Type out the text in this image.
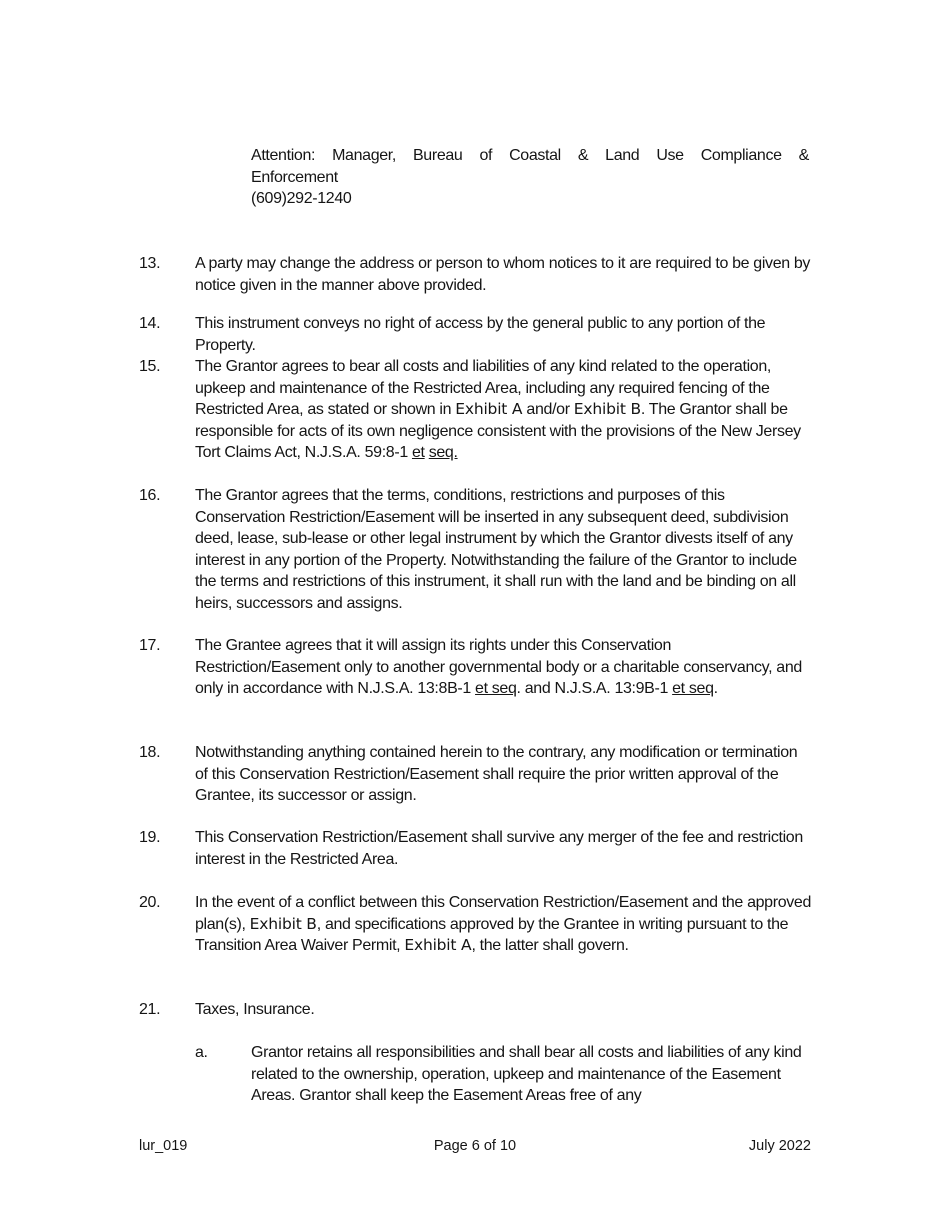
Attention: Manager, Bureau of Coastal & Land Use Compliance &
Enforcement
(609)292-1240
13.	A party may change the address or person to whom notices to it are required to be given by notice given in the manner above provided.
14.	This instrument conveys no right of access by the general public to any portion of the Property.
15.	The Grantor agrees to bear all costs and liabilities of any kind related to the operation, upkeep and maintenance of the Restricted Area, including any required fencing of the Restricted Area, as stated or shown in Exhibit A and/or Exhibit B. The Grantor shall be responsible for acts of its own negligence consistent with the provisions of the New Jersey Tort Claims Act, N.J.S.A. 59:8-1 et seq.
16.	The Grantor agrees that the terms, conditions, restrictions and purposes of this Conservation Restriction/Easement will be inserted in any subsequent deed, subdivision deed, lease, sub-lease or other legal instrument by which the Grantor divests itself of any interest in any portion of the Property. Notwithstanding the failure of the Grantor to include the terms and restrictions of this instrument, it shall run with the land and be binding on all heirs, successors and assigns.
17.	The Grantee agrees that it will assign its rights under this Conservation Restriction/Easement only to another governmental body or a charitable conservancy, and only in accordance with N.J.S.A. 13:8B-1 et seq. and N.J.S.A. 13:9B-1 et seq.
18.	Notwithstanding anything contained herein to the contrary, any modification or termination of this Conservation Restriction/Easement shall require the prior written approval of the Grantee, its successor or assign.
19.	This Conservation Restriction/Easement shall survive any merger of the fee and restriction interest in the Restricted Area.
20.	In the event of a conflict between this Conservation Restriction/Easement and the approved plan(s), Exhibit B, and specifications approved by the Grantee in writing pursuant to the Transition Area Waiver Permit, Exhibit A, the latter shall govern.
21.	Taxes, Insurance.
a.	Grantor retains all responsibilities and shall bear all costs and liabilities of any kind related to the ownership, operation, upkeep and maintenance of the Easement Areas. Grantor shall keep the Easement Areas free of any
lur_019	Page 6 of 10	July 2022
